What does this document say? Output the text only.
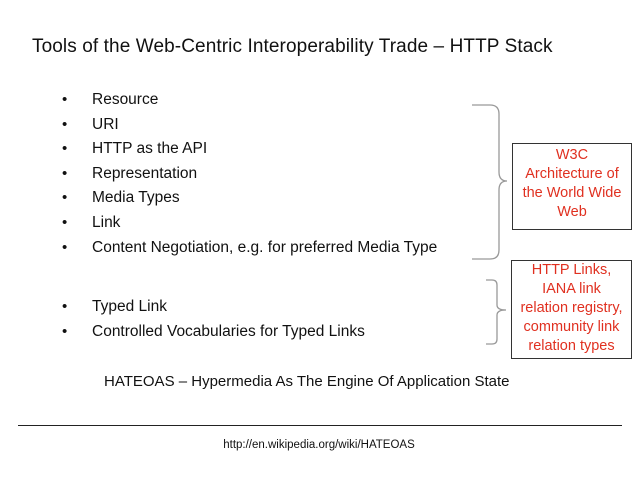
Tools of the Web-Centric Interoperability Trade – HTTP Stack
• Resource
• URI
• HTTP as the API
• Representation
• Media Types
• Link
• Content Negotiation, e.g. for preferred Media Type
• Typed Link
• Controlled Vocabularies for Typed Links
W3C
Architecture of
the World Wide
Web
HTTP Links,
IANA link
relation registry,
community link
relation types
HATEOAS – Hypermedia As The Engine Of Application State
http://en.wikipedia.org/wiki/HATEOAS
